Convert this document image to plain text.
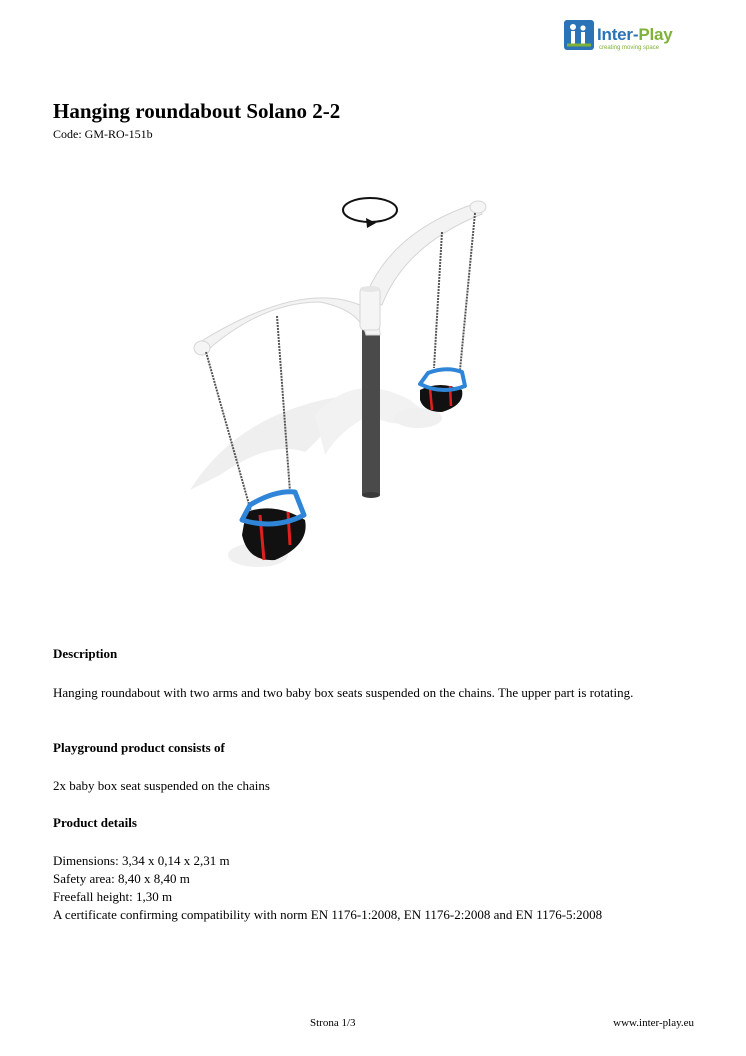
Inter-Play
creating moving space
Hanging roundabout Solano 2-2
Code: GM-RO-151b
Description
Hanging roundabout with two arms and two baby box seats suspended on the chains. The upper part is rotating.
Playground product consists of
2x baby box seat suspended on the chains
Product details
Dimensions: 3,34 x 0,14 x 2,31 m
Safety area: 8,40 x 8,40 m
Freefall height: 1,30 m
A certificate confirming compatibility with norm EN 1176-1:2008, EN 1176-2:2008 and EN 1176-5:2008
Strona 1/3	www.inter-play.eu
